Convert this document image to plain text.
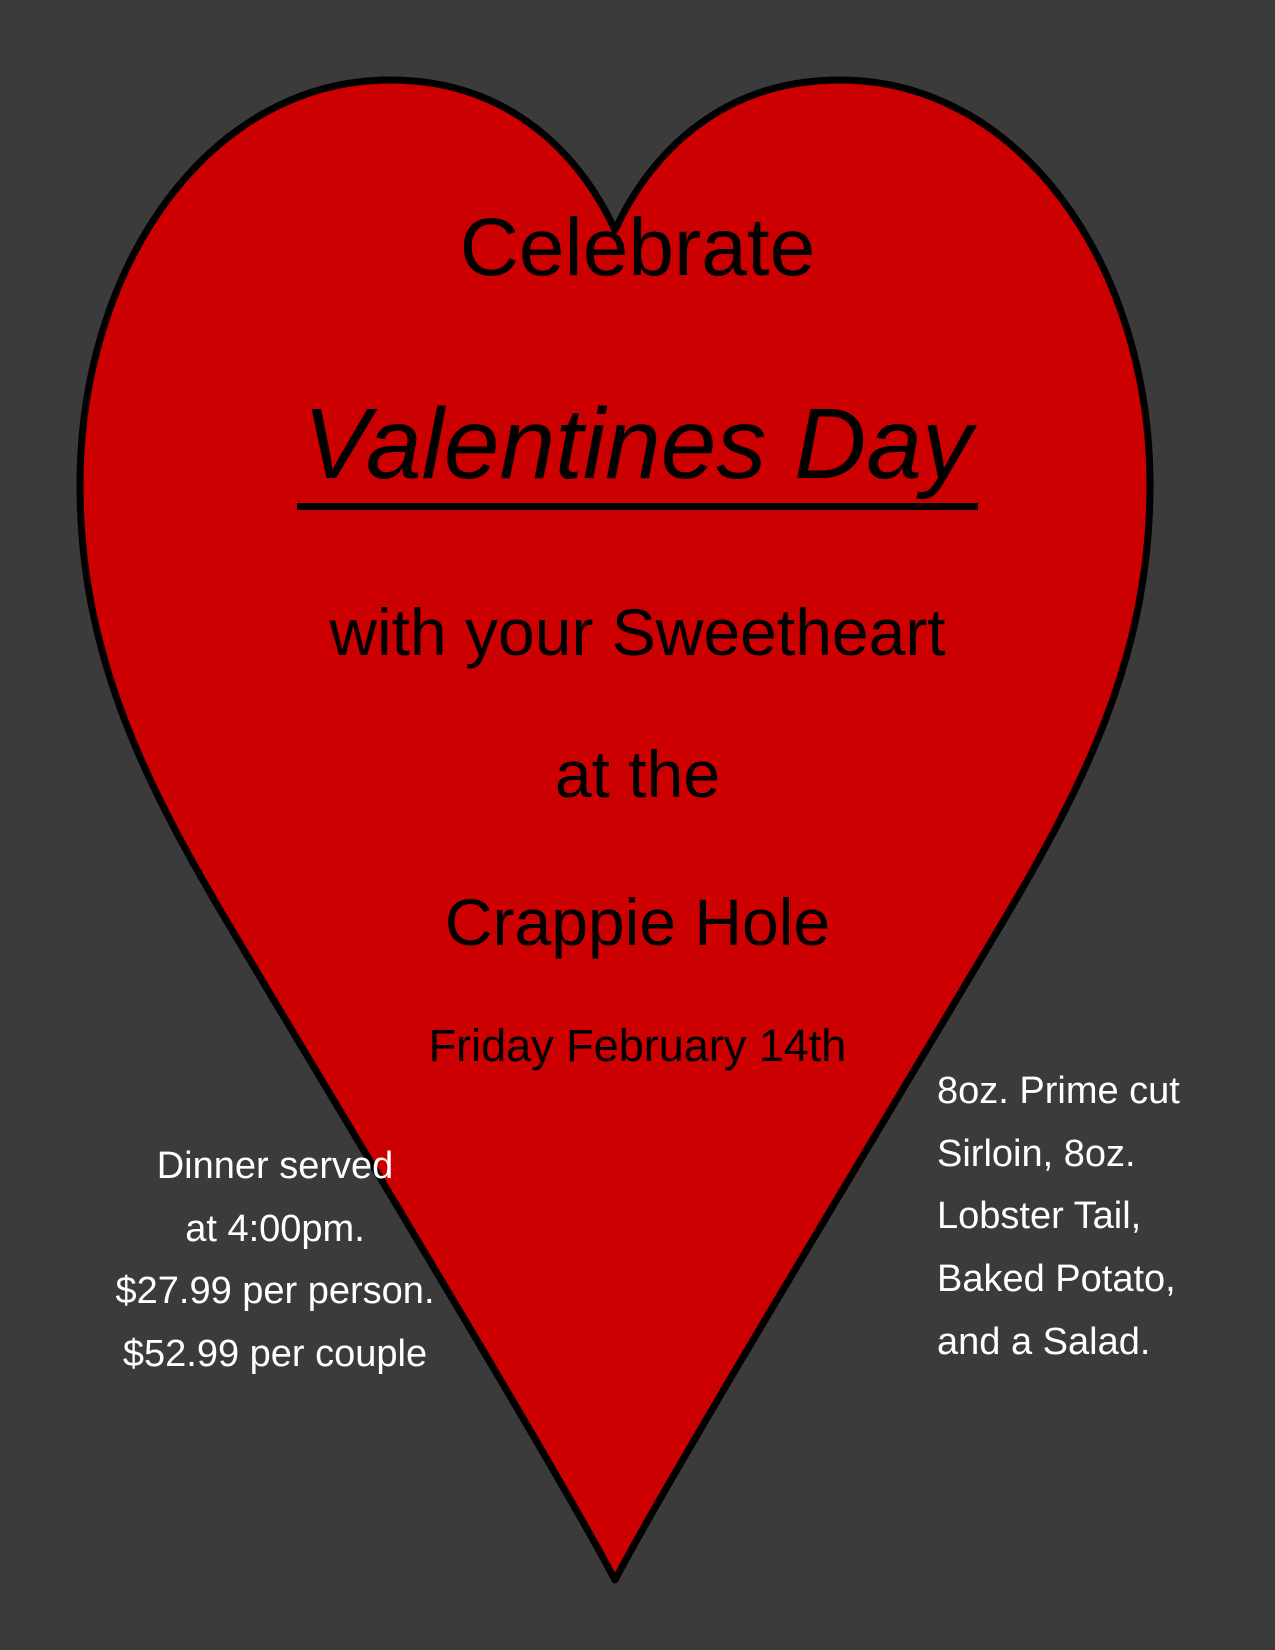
Celebrate
Valentines Day
with your Sweetheart
at the
Crappie Hole
Friday February 14th
Dinner served
at 4:00pm.
$27.99 per person.
$52.99 per couple
8oz. Prime cut Sirloin, 8oz. Lobster Tail, Baked Potato, and a Salad.
